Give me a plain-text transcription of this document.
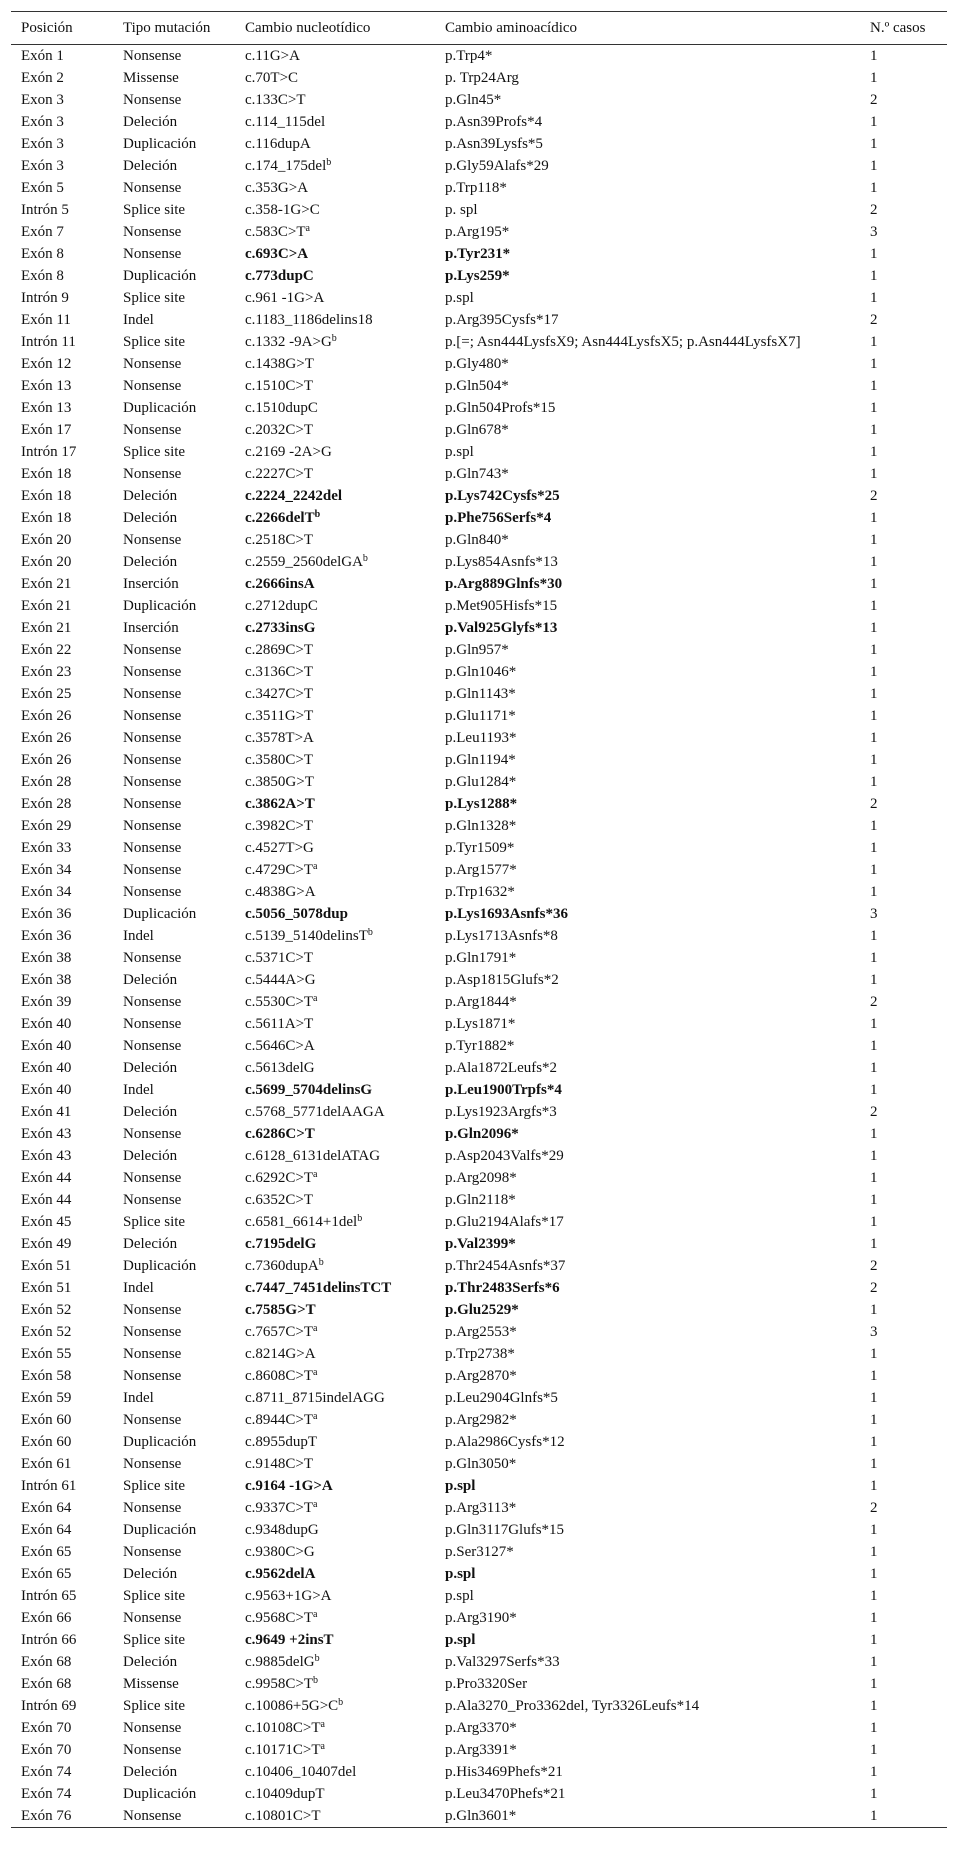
Posición	Tipo mutación	Cambio nucleotídico	Cambio aminoacídico	N.º casos
Exón 1	Nonsense	c.11G>A	p.Trp4*	1
Exón 2	Missense	c.70T>C	p. Trp24Arg	1
Exon 3	Nonsense	c.133C>T	p.Gln45*	2
Exón 3	Deleción	c.114_115del	p.Asn39Profs*4	1
Exón 3	Duplicación	c.116dupA	p.Asn39Lysfs*5	1
Exón 3	Deleción	c.174_175del$^b$	p.Gly59Alafs*29	1
Exón 5	Nonsense	c.353G>A	p.Trp118*	1
Intrón 5	Splice site	c.358-1G>C	p. spl	2
Exón 7	Nonsense	$c.583C>T^a$	p.Arg195*	3
Exón 8	Nonsense	c.693C>A	p.Tyr231*	1
Exón 8	Duplicación	c.773dupC	p.Lys259*	1
Intrón 9	Splice site	c.961 -1G>A	p.spl	1
Exón 11	Indel	c.1183_1186delins18	p.Arg395Cysfs*17	2
Intrón 11	Splice site	c.1332 $-9A>G^b$	p.[=; Asn444LysfsX9; Asn444LysfsX5; p.Asn444LysfsX7]	1
Exón 12	Nonsense	c.1438G>T	p.Gly480*	1
Exón 13	Nonsense	c.1510C>T	p.Gln504*	1
Exón 13	Duplicación	c.1510dupC	p.Gln504Profs*15	1
Exón 17	Nonsense	c.2032C>T	p.Gln678*	1
Intrón 17	Splice site	c.2169 -2A>G	p.spl	1
Exón 18	Nonsense	c.2227C>T	p.Gln743*	1
Exón 18	Deleción	c.2224_2242del	p.Lys742Cysfs*25	2
Exón 18	Deleción	c.2266delT$^b$	p.Phe756Serfs*4	1
Exón 20	Nonsense	c.2518C>T	p.Gln840*	1
Exón 20	Deleción	c.2559_2560delGA$^b$	p.Lys854Asnfs*13	1
Exón 21	Inserción	c.2666insA	p.Arg889Glnfs*30	1
Exón 21	Duplicación	c.2712dupC	p.Met905Hisfs*15	1
Exón 21	Inserción	c.2733insG	p.Val925Glyfs*13	1
Exón 22	Nonsense	c.2869C>T	p.Gln957*	1
Exón 23	Nonsense	c.3136C>T	p.Gln1046*	1
Exón 25	Nonsense	c.3427C>T	p.Gln1143*	1
Exón 26	Nonsense	c.3511G>T	p.Glu1171*	1
Exón 26	Nonsense	c.3578T>A	p.Leu1193*	1
Exón 26	Nonsense	c.3580C>T	p.Gln1194*	1
Exón 28	Nonsense	c.3850G>T	p.Glu1284*	1
Exón 28	Nonsense	c.3862A>T	p.Lys1288*	2
Exón 29	Nonsense	c.3982C>T	p.Gln1328*	1
Exón 33	Nonsense	c.4527T>G	p.Tyr1509*	1
Exón 34	Nonsense	$c.4729C>T^a$	p.Arg1577*	1
Exón 34	Nonsense	c.4838G>A	p.Trp1632*	1
Exón 36	Duplicación	c.5056_5078dup	p.Lys1693Asnfs*36	3
Exón 36	Indel	c.5139_5140delinsT$^b$	p.Lys1713Asnfs*8	1
Exón 38	Nonsense	c.5371C>T	p.Gln1791*	1
Exón 38	Deleción	c.5444A>G	p.Asp1815Glufs*2	1
Exón 39	Nonsense	$c.5530C>T^a$	p.Arg1844*	2
Exón 40	Nonsense	c.5611A>T	p.Lys1871*	1
Exón 40	Nonsense	c.5646C>A	p.Tyr1882*	1
Exón 40	Deleción	c.5613delG	p.Ala1872Leufs*2	1
Exón 40	Indel	c.5699_5704delinsG	p.Leu1900Trpfs*4	1
Exón 41	Deleción	c.5768_5771delAAGA	p.Lys1923Argfs*3	2
Exón 43	Nonsense	c.6286C>T	p.Gln2096*	1
Exón 43	Deleción	c.6128_6131delATAG	p.Asp2043Valfs*29	1
Exón 44	Nonsense	$c.6292C>T^a$	p.Arg2098*	1
Exón 44	Nonsense	c.6352C>T	p.Gln2118*	1
Exón 45	Splice site	c.6581_6614+1del$^b$	p.Glu2194Alafs*17	1
Exón 49	Deleción	c.7195delG	p.Val2399*	1
Exón 51	Duplicación	c.7360dupA$^b$	p.Thr2454Asnfs*37	2
Exón 51	Indel	c.7447_7451delinsTCT	p.Thr2483Serfs*6	2
Exón 52	Nonsense	c.7585G>T	p.Glu2529*	1
Exón 52	Nonsense	$c.7657C>T^a$	p.Arg2553*	3
Exón 55	Nonsense	c.8214G>A	p.Trp2738*	1
Exón 58	Nonsense	$c.8608C>T^a$	p.Arg2870*	1
Exón 59	Indel	c.8711_8715indelAGG	p.Leu2904Glnfs*5	1
Exón 60	Nonsense	$c.8944C>T^a$	p.Arg2982*	1
Exón 60	Duplicación	c.8955dupT	p.Ala2986Cysfs*12	1
Exón 61	Nonsense	c.9148C>T	p.Gln3050*	1
Intrón 61	Splice site	c.9164 -1G>A	p.spl	1
Exón 64	Nonsense	$c.9337C>T^a$	p.Arg3113*	2
Exón 64	Duplicación	c.9348dupG	p.Gln3117Glufs*15	1
Exón 65	Nonsense	c.9380C>G	p.Ser3127*	1
Exón 65	Deleción	c.9562delA	p.spl	1
Intrón 65	Splice site	c.9563+1G>A	p.spl	1
Exón 66	Nonsense	$c.9568C>T^a$	p.Arg3190*	1
Intrón 66	Splice site	c.9649 +2insT	p.spl	1
Exón 68	Deleción	c.9885delG$^b$	p.Val3297Serfs*33	1
Exón 68	Missense	$c.9958C>T^b$	p.Pro3320Ser	1
Intrón 69	Splice site	$c.10086+5G>C^b$	p.Ala3270_Pro3362del, Tyr3326Leufs*14	1
Exón 70	Nonsense	$c.10108C>T^a$	p.Arg3370*	1
Exón 70	Nonsense	$c.10171C>T^a$	p.Arg3391*	1
Exón 74	Deleción	c.10406_10407del	p.His3469Phefs*21	1
Exón 74	Duplicación	c.10409dupT	p.Leu3470Phefs*21	1
Exón 76	Nonsense	c.10801C>T	p.Gln3601*	1
